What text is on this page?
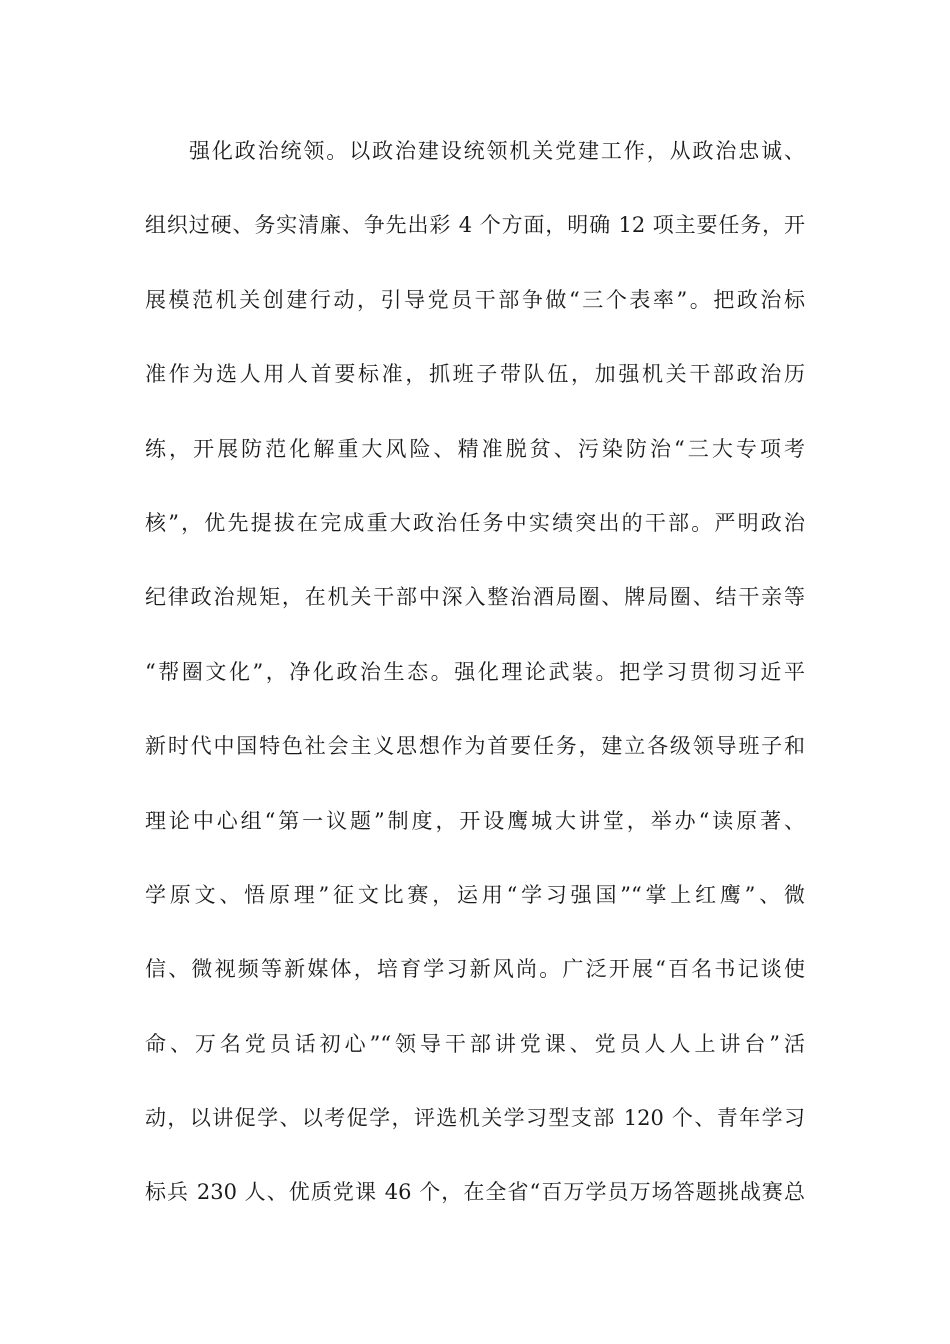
强化政治统领。以政治建设统领机关党建工作，从政治忠诚、
组织过硬、务实清廉、争先出彩 4 个方面，明确 12 项主要任务，开
展模范机关创建行动，引导党员干部争做“三个表率”。把政治标
准作为选人用人首要标准，抓班子带队伍，加强机关干部政治历
练，开展防范化解重大风险、精准脱贫、污染防治“三大专项考
核”，优先提拔在完成重大政治任务中实绩突出的干部。严明政治
纪律政治规矩，在机关干部中深入整治酒局圈、牌局圈、结干亲等
“帮圈文化”，净化政治生态。强化理论武装。把学习贯彻习近平
新时代中国特色社会主义思想作为首要任务，建立各级领导班子和
理论中心组“第一议题”制度，开设鹰城大讲堂，举办“读原著、
学原文、悟原理”征文比赛，运用“学习强国”“掌上红鹰”、微
信、微视频等新媒体，培育学习新风尚。广泛开展“百名书记谈使
命、万名党员话初心”“领导干部讲党课、党员人人上讲台”活
动，以讲促学、以考促学，评选机关学习型支部 120 个、青年学习
标兵 230 人、优质党课 46 个，在全省“百万学员万场答题挑战赛总
